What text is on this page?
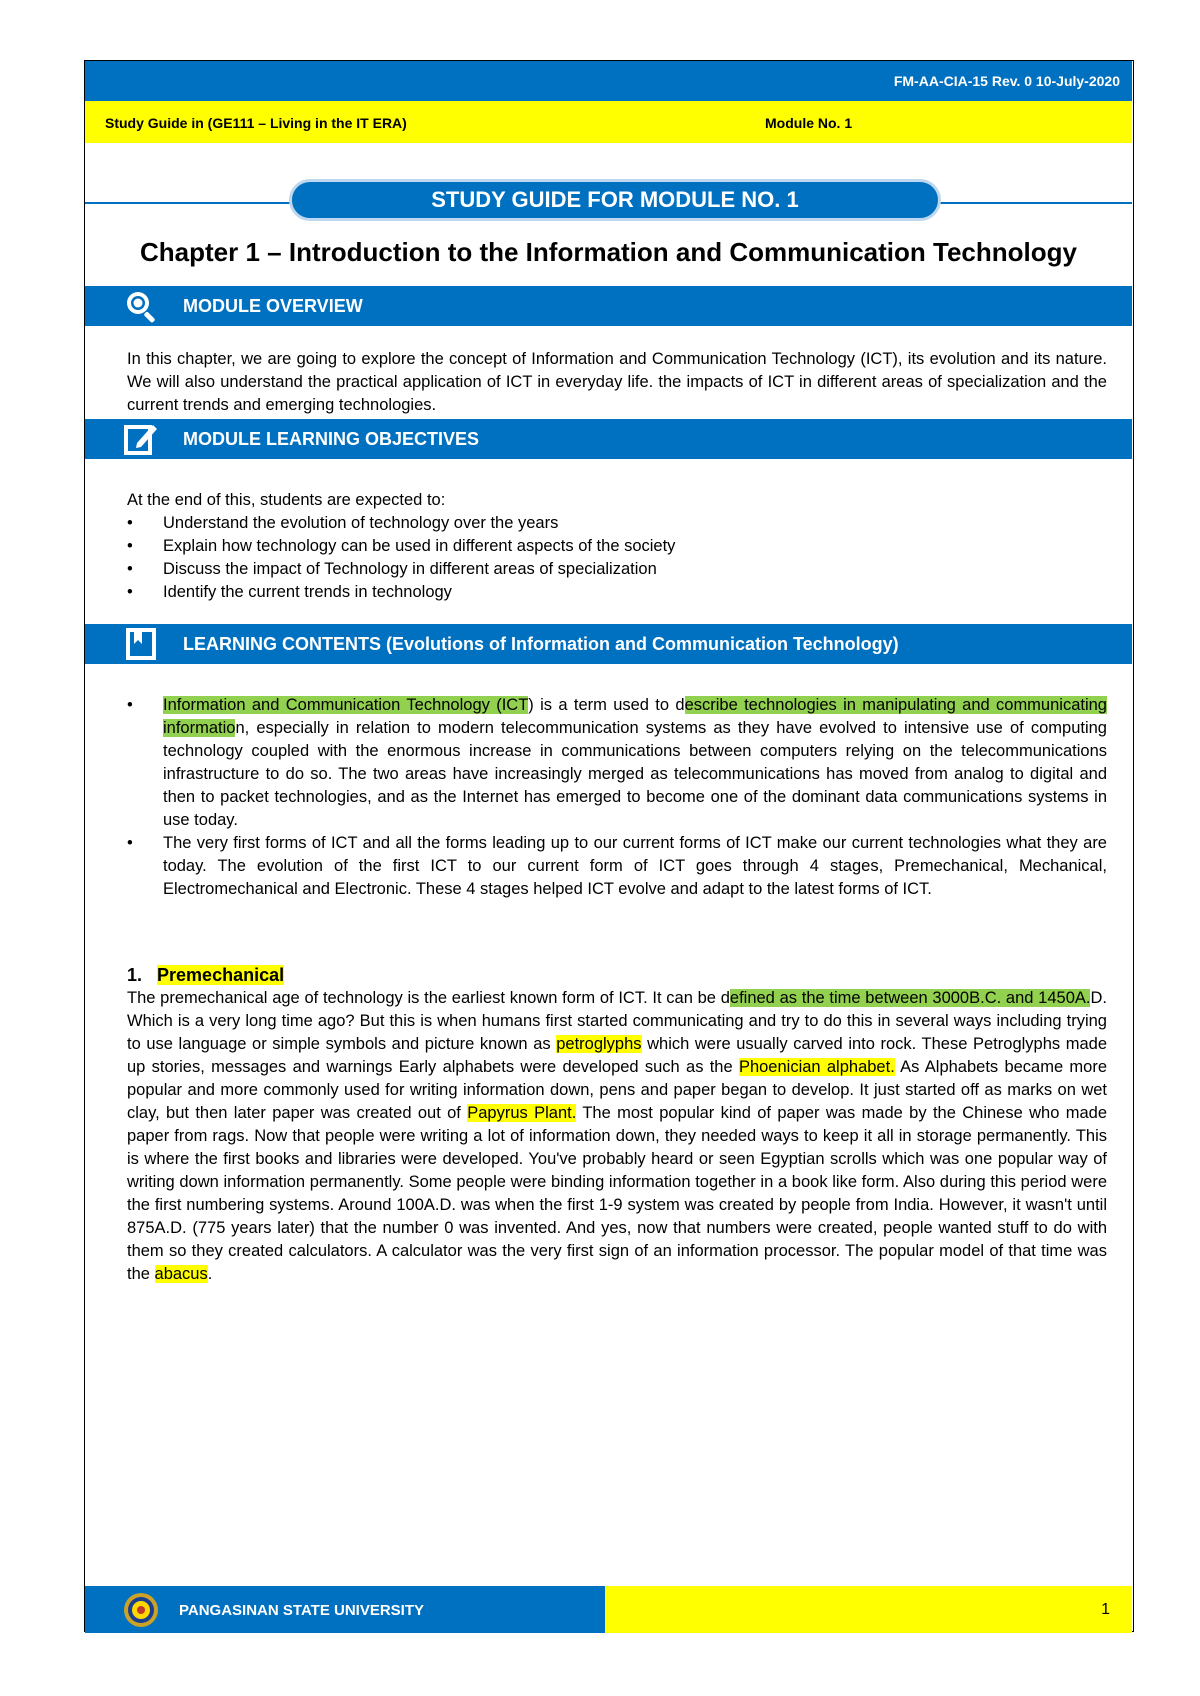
FM-AA-CIA-15 Rev. 0 10-July-2020
Study Guide in (GE111 – Living in the IT ERA)	Module No. 1
STUDY GUIDE FOR MODULE NO. 1
Chapter 1 – Introduction to the Information and Communication Technology
MODULE OVERVIEW
In this chapter, we are going to explore the concept of Information and Communication Technology (ICT), its evolution and its nature. We will also understand the practical application of ICT in everyday life. the impacts of ICT in different areas of specialization and the current trends and emerging technologies.
MODULE LEARNING OBJECTIVES
At the end of this, students are expected to:
• Understand the evolution of technology over the years
• Explain how technology can be used in different aspects of the society
• Discuss the impact of Technology in different areas of specialization
• Identify the current trends in technology
LEARNING CONTENTS (Evolutions of Information and Communication Technology)
• Information and Communication Technology (ICT) is a term used to describe technologies in manipulating and communicating information, especially in relation to modern telecommunication systems as they have evolved to intensive use of computing technology coupled with the enormous increase in communications between computers relying on the telecommunications infrastructure to do so. The two areas have increasingly merged as telecommunications has moved from analog to digital and then to packet technologies, and as the Internet has emerged to become one of the dominant data communications systems in use today.
• The very first forms of ICT and all the forms leading up to our current forms of ICT make our current technologies what they are today. The evolution of the first ICT to our current form of ICT goes through 4 stages, Premechanical, Mechanical, Electromechanical and Electronic. These 4 stages helped ICT evolve and adapt to the latest forms of ICT.
1. Premechanical
The premechanical age of technology is the earliest known form of ICT. It can be defined as the time between 3000B.C. and 1450A.D. Which is a very long time ago? But this is when humans first started communicating and try to do this in several ways including trying to use language or simple symbols and picture known as petroglyphs which were usually carved into rock. These Petroglyphs made up stories, messages and warnings Early alphabets were developed such as the Phoenician alphabet. As Alphabets became more popular and more commonly used for writing information down, pens and paper began to develop. It just started off as marks on wet clay, but then later paper was created out of Papyrus Plant. The most popular kind of paper was made by the Chinese who made paper from rags. Now that people were writing a lot of information down, they needed ways to keep it all in storage permanently. This is where the first books and libraries were developed. You've probably heard or seen Egyptian scrolls which was one popular way of writing down information permanently. Some people were binding information together in a book like form. Also during this period were the first numbering systems. Around 100A.D. was when the first 1-9 system was created by people from India. However, it wasn't until 875A.D. (775 years later) that the number 0 was invented. And yes, now that numbers were created, people wanted stuff to do with them so they created calculators. A calculator was the very first sign of an information processor. The popular model of that time was the abacus.
PANGASINAN STATE UNIVERSITY	1
